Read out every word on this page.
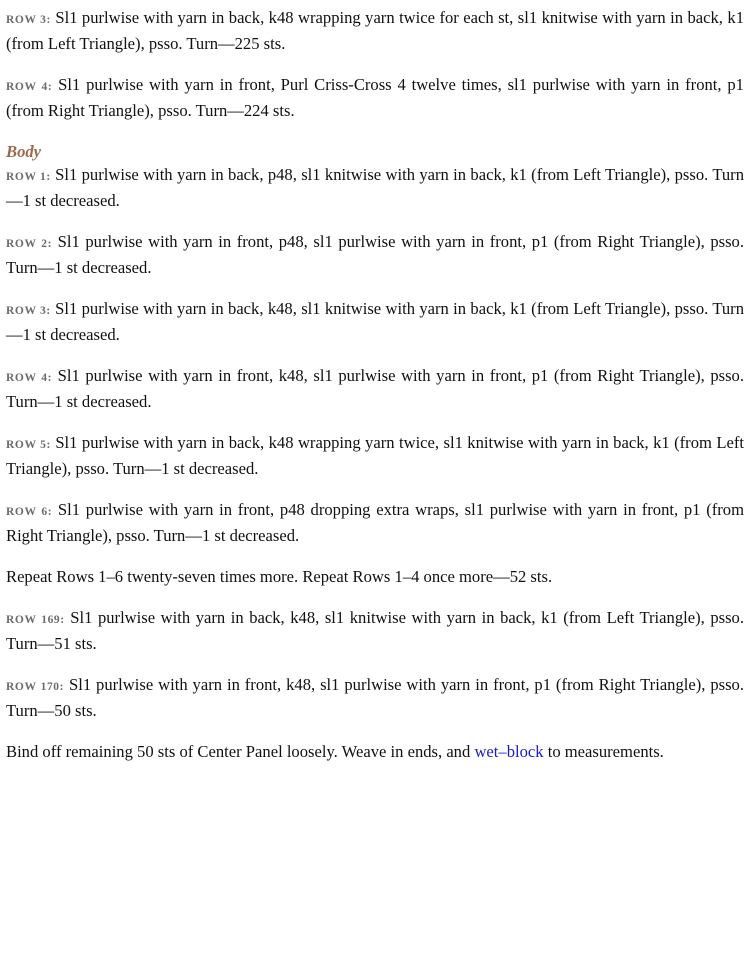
ROW 3: Sl1 purlwise with yarn in back, k48 wrapping yarn twice for each st, sl1 knitwise with yarn in back, k1 (from Left Triangle), psso. Turn—225 sts.

ROW 4: Sl1 purlwise with yarn in front, Purl Criss-Cross 4 twelve times, sl1 purlwise with yarn in front, p1 (from Right Triangle), psso. Turn—224 sts.

Body

ROW 1: Sl1 purlwise with yarn in back, p48, sl1 knitwise with yarn in back, k1 (from Left Triangle), psso. Turn—1 st decreased.

ROW 2: Sl1 purlwise with yarn in front, p48, sl1 purlwise with yarn in front, p1 (from Right Triangle), psso. Turn—1 st decreased.

ROW 3: Sl1 purlwise with yarn in back, k48, sl1 knitwise with yarn in back, k1 (from Left Triangle), psso. Turn—1 st decreased.

ROW 4: Sl1 purlwise with yarn in front, k48, sl1 purlwise with yarn in front, p1 (from Right Triangle), psso. Turn—1 st decreased.

ROW 5: Sl1 purlwise with yarn in back, k48 wrapping yarn twice, sl1 knitwise with yarn in back, k1 (from Left Triangle), psso. Turn—1 st decreased.

ROW 6: Sl1 purlwise with yarn in front, p48 dropping extra wraps, sl1 purlwise with yarn in front, p1 (from Right Triangle), psso. Turn—1 st decreased.

Repeat Rows 1–6 twenty-seven times more. Repeat Rows 1–4 once more—52 sts.

ROW 169: Sl1 purlwise with yarn in back, k48, sl1 knitwise with yarn in back, k1 (from Left Triangle), psso. Turn—51 sts.

ROW 170: Sl1 purlwise with yarn in front, k48, sl1 purlwise with yarn in front, p1 (from Right Triangle), psso. Turn—50 sts.

Bind off remaining 50 sts of Center Panel loosely. Weave in ends, and wet–block to measurements.
